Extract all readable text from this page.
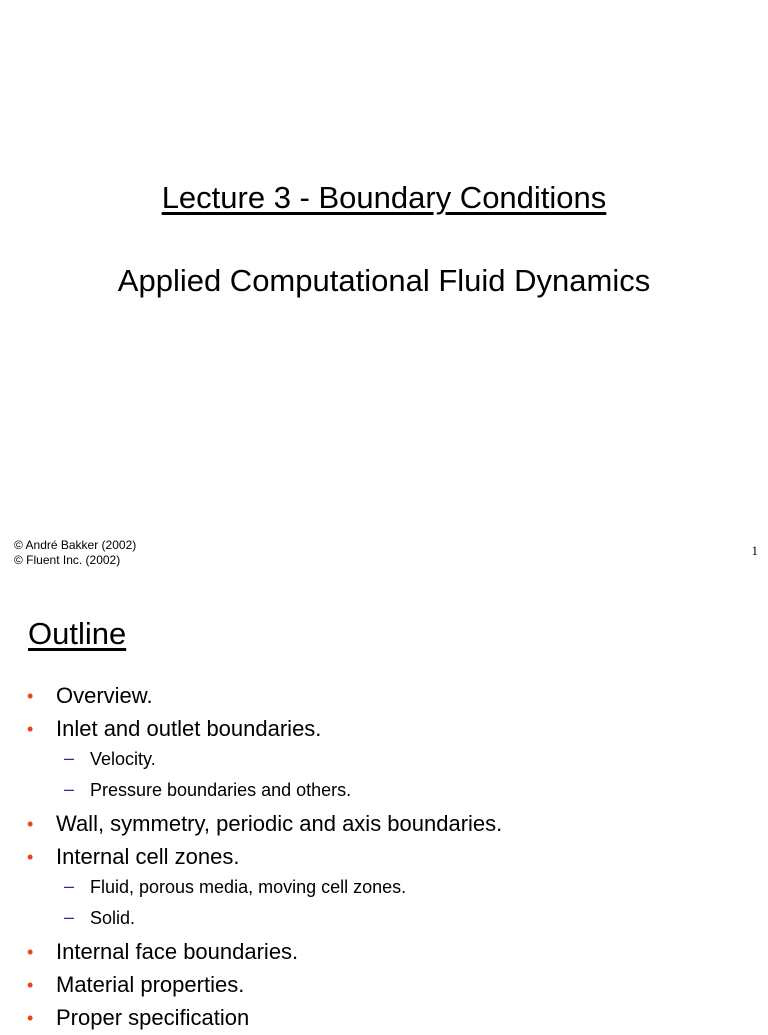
Lecture 3 - Boundary Conditions
Applied Computational Fluid Dynamics
© André Bakker (2002)
© Fluent Inc. (2002)
1
Outline
• Overview.
• Inlet and outlet boundaries.
– Velocity.
– Pressure boundaries and others.
• Wall, symmetry, periodic and axis boundaries.
• Internal cell zones.
– Fluid, porous media, moving cell zones.
– Solid.
• Internal face boundaries.
• Material properties.
• Proper specification
